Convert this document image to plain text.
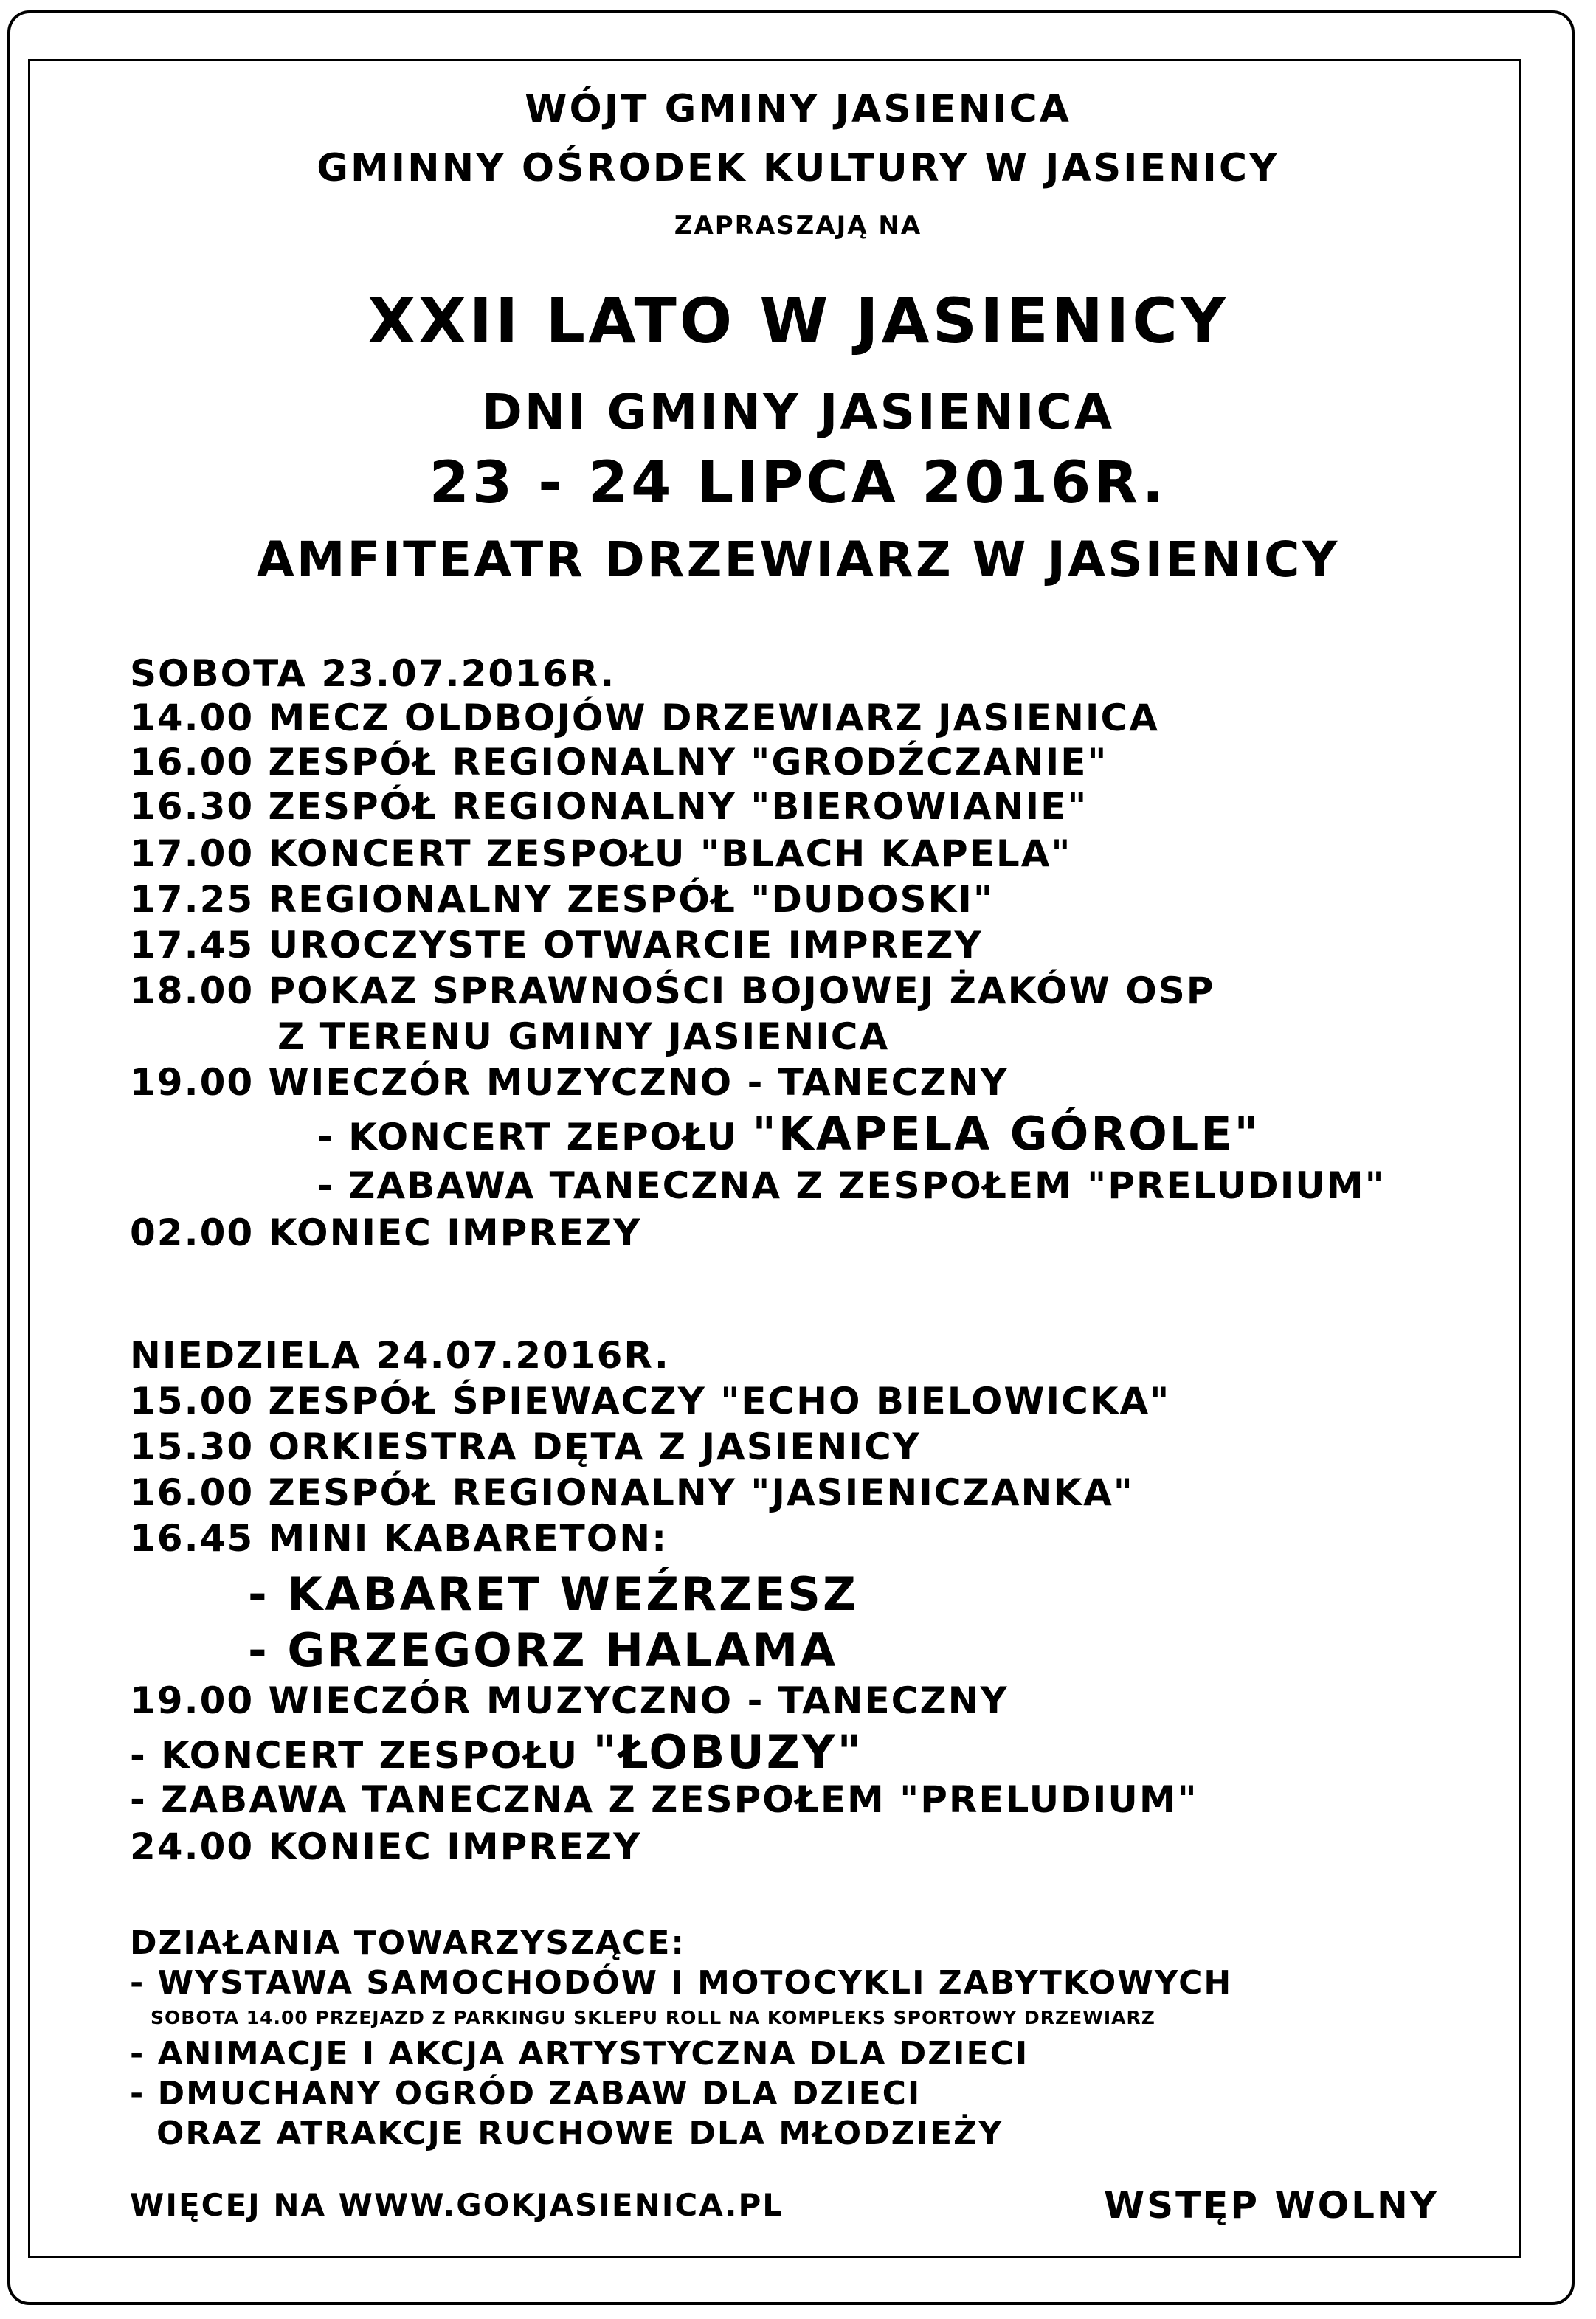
WÓJT GMINY JASIENICA
GMINNY OŚRODEK KULTURY W JASIENICY
ZAPRASZAJĄ NA
XXII LATO W JASIENICY
DNI GMINY JASIENICA
23 - 24 LIPCA 2016R.
AMFITEATR DRZEWIARZ W JASIENICY
SOBOTA 23.07.2016R.
14.00 MECZ OLDBOJÓW DRZEWIARZ JASIENICA
16.00 ZESPÓŁ REGIONALNY "GRODŹCZANIE"
16.30 ZESPÓŁ REGIONALNY "BIEROWIANIE"
17.00 KONCERT ZESPOŁU "BLACH KAPELA"
17.25 REGIONALNY ZESPÓŁ "DUDOSKI"
17.45 UROCZYSTE OTWARCIE IMPREZY
18.00 POKAZ SPRAWNOŚCI BOJOWEJ ŻAKÓW OSP
Z TERENU GMINY JASIENICA
19.00 WIECZÓR MUZYCZNO - TANECZNY
- KONCERT ZEPOŁU "KAPELA GÓROLE"
- ZABAWA TANECZNA Z ZESPOŁEM "PRELUDIUM"
02.00 KONIEC IMPREZY
NIEDZIELA 24.07.2016R.
15.00 ZESPÓŁ ŚPIEWACZY "ECHO BIELOWICKA"
15.30 ORKIESTRA DĘTA Z JASIENICY
16.00 ZESPÓŁ REGIONALNY "JASIENICZANKA"
16.45 MINI KABARETON:
- KABARET WEŹRZESZ
- GRZEGORZ HALAMA
19.00 WIECZÓR MUZYCZNO - TANECZNY
- KONCERT ZESPOŁU "ŁOBUZY"
- ZABAWA TANECZNA Z ZESPOŁEM "PRELUDIUM"
24.00 KONIEC IMPREZY
DZIAŁANIA TOWARZYSZĄCE:
- WYSTAWA SAMOCHODÓW I MOTOCYKLI ZABYTKOWYCH
SOBOTA 14.00 PRZEJAZD Z PARKINGU SKLEPU ROLL NA KOMPLEKS SPORTOWY DRZEWIARZ
- ANIMACJE I AKCJA ARTYSTYCZNA DLA DZIECI
- DMUCHANY OGRÓD ZABAW DLA DZIECI
ORAZ ATRAKCJE RUCHOWE DLA MŁODZIEŻY
WIĘCEJ NA WWW.GOKJASIENICA.PL	WSTĘP WOLNY
